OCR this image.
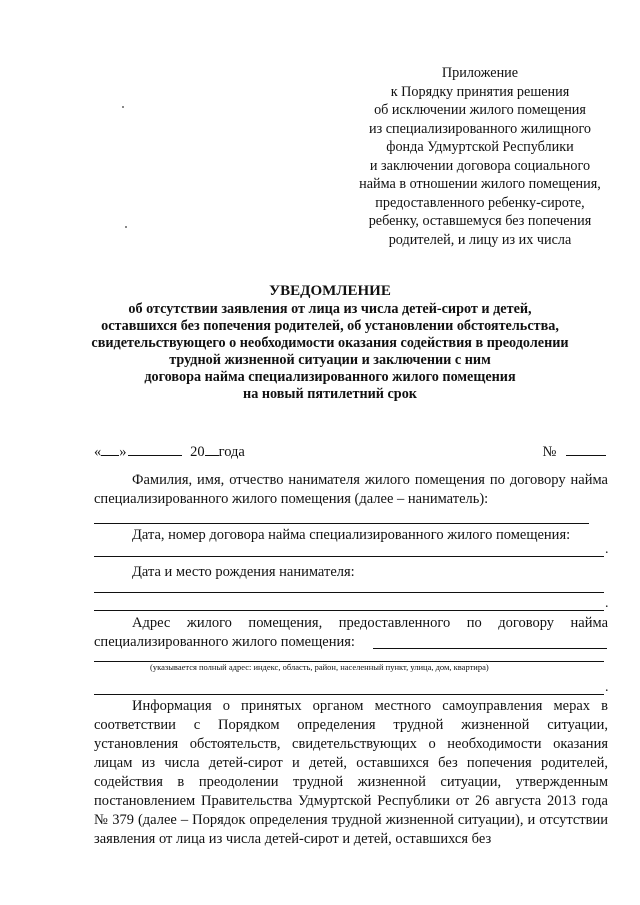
Приложение
к Порядку принятия решения
об исключении жилого помещения
из специализированного жилищного
фонда Удмуртской Республики
и заключении договора социального
найма в отношении жилого помещения,
предоставленного ребенку-сироте,
ребенку, оставшемуся без попечения
родителей, и лицу из их числа
УВЕДОМЛЕНИЕ
об отсутствии заявления от лица из числа детей-сирот и детей,
оставшихся без попечения родителей, об установлении обстоятельства,
свидетельствующего о необходимости оказания содействия в преодолении
трудной жизненной ситуации и заключении с ним
договора найма специализированного жилого помещения
на новый пятилетний срок
« »	20 года	№
Фамилия, имя, отчество нанимателя жилого помещения по договору найма специализированного жилого помещения (далее – наниматель):
Дата, номер договора найма специализированного жилого помещения:
.
Дата и место рождения нанимателя:
.
Адрес жилого помещения, предоставленного по договору найма специализированного жилого помещения:
(указывается полный адрес: индекс, область, район, населенный пункт, улица, дом, квартира)
.
Информация о принятых органом местного самоуправления мерах в соответствии с Порядком определения трудной жизненной ситуации, установления обстоятельств, свидетельствующих о необходимости оказания лицам из числа детей-сирот и детей, оставшихся без попечения родителей, содействия в преодолении трудной жизненной ситуации, утвержденным постановлением Правительства Удмуртской Республики от 26 августа 2013 года № 379 (далее – Порядок определения трудной жизненной ситуации), и отсутствии заявления от лица из числа детей-сирот и детей, оставшихся без
